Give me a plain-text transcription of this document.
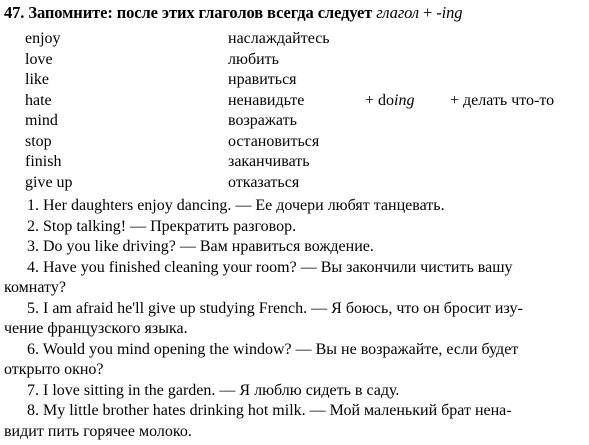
47. Запомните: после этих глаголов всегда следует глагол + -ing
enjoy	наслаждайтесь
love	любить
like	нравиться
hate	ненавидьте	+ doing + делать что-то
mind	возражать
stop	остановиться
finish	заканчивать
give up	отказаться
1. Her daughters enjoy dancing. — Ее дочери любят танцевать.
2. Stop talking! — Прекратить разговор.
3. Do you like driving? — Вам нравиться вождение.
4. Have you finished cleaning your room? — Вы закончили чистить вашу
комнату?
5. I am afraid he'll give up studying French. — Я боюсь, что он бросит изу-
чение французского языка.
6. Would you mind opening the window? — Вы не возражайте, если будет
открыто окно?
7. I love sitting in the garden. — Я люблю сидеть в саду.
8. My little brother hates drinking hot milk. — Мой маленький брат нена-
видит пить горячее молоко.
